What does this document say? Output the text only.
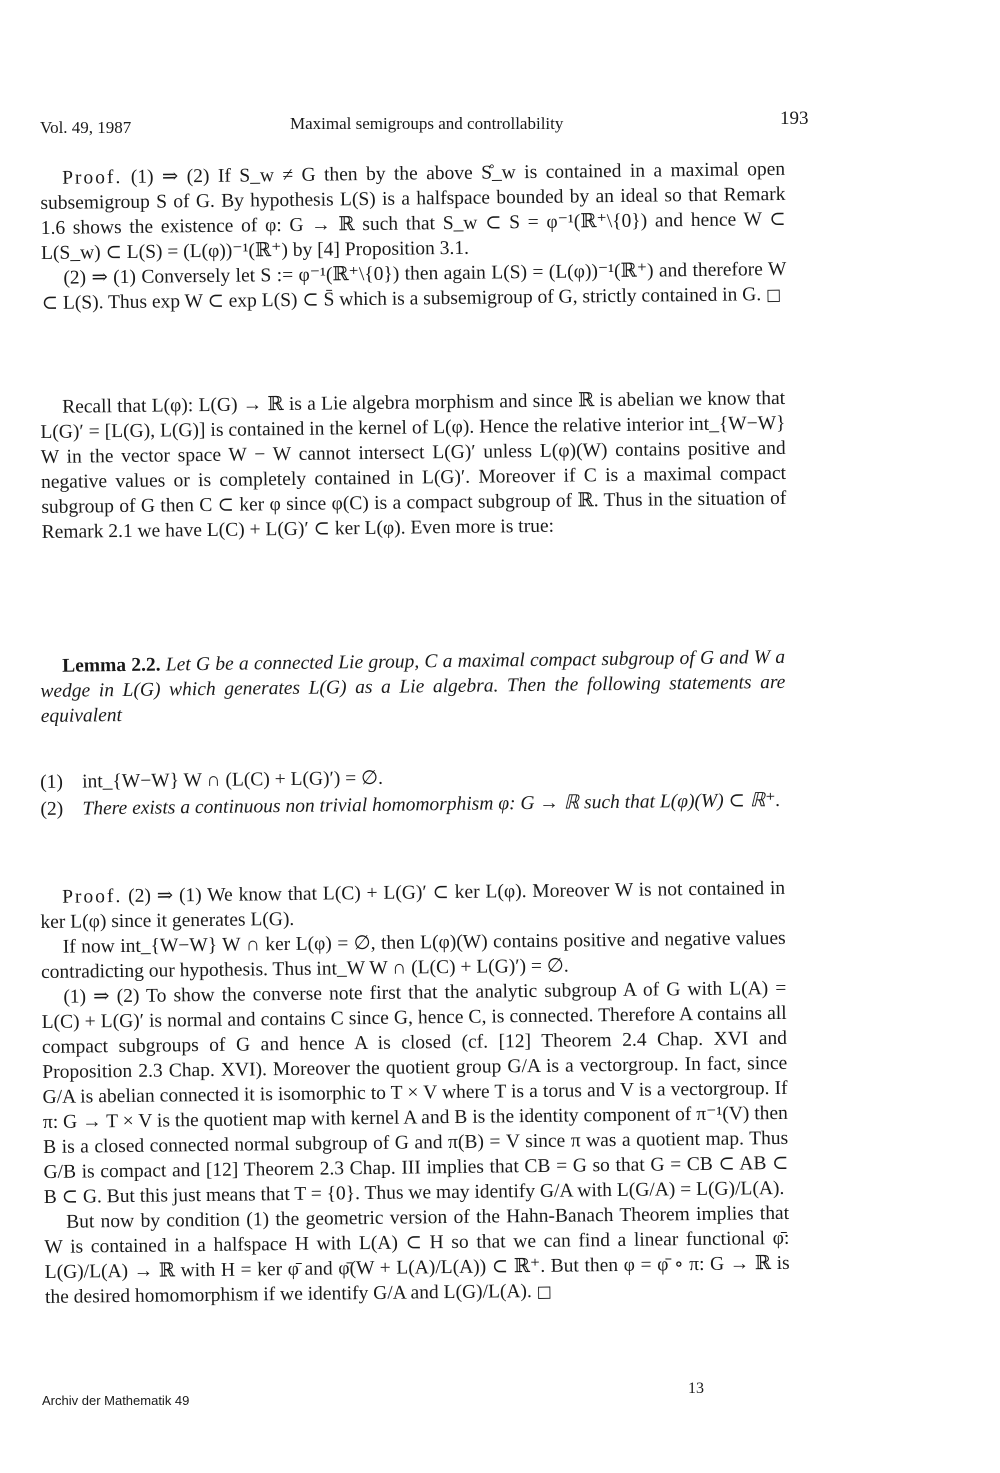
Vol. 49, 1987	Maximal semigroups and controllability	193

Proof. (1) ⇒ (2) If S_w ≠ G then by the above S̊_w is contained in a maximal open subsemigroup S of G. By hypothesis L(S) is a halfspace bounded by an ideal so that Remark 1.6 shows the existence of φ: G → ℝ such that S_w ⊂ S = φ⁻¹(ℝ⁺\{0}) and hence W ⊂ L(S_w) ⊂ L(S) = (L(φ))⁻¹(ℝ⁺) by [4] Proposition 3.1.

(2) ⇒ (1) Conversely let S := φ⁻¹(ℝ⁺\{0}) then again L(S) = (L(φ))⁻¹(ℝ⁺) and therefore W ⊂ L(S). Thus exp W ⊂ exp L(S) ⊂ S̄ which is a subsemigroup of G, strictly contained in G. □

Recall that L(φ): L(G) → ℝ is a Lie algebra morphism and since ℝ is abelian we know that L(G)′ = [L(G), L(G)] is contained in the kernel of L(φ). Hence the relative interior int_{W−W} W in the vector space W − W cannot intersect L(G)′ unless L(φ)(W) contains positive and negative values or is completely contained in L(G)′. Moreover if C is a maximal compact subgroup of G then C ⊂ ker φ since φ(C) is a compact subgroup of ℝ. Thus in the situation of Remark 2.1 we have L(C) + L(G)′ ⊂ ker L(φ). Even more is true:

Lemma 2.2. Let G be a connected Lie group, C a maximal compact subgroup of G and W a wedge in L(G) which generates L(G) as a Lie algebra. Then the following statements are equivalent

(1) int_{W−W} W ∩ (L(C) + L(G)′) = ∅.
(2) There exists a continuous non trivial homomorphism φ: G → ℝ such that L(φ)(W) ⊂ ℝ⁺.

Proof. (2) ⇒ (1) We know that L(C) + L(G)′ ⊂ ker L(φ). Moreover W is not contained in ker L(φ) since it generates L(G).

If now int_{W−W} W ∩ ker L(φ) = ∅, then L(φ)(W) contains positive and negative values contradicting our hypothesis. Thus int_W W ∩ (L(C) + L(G)′) = ∅.

(1) ⇒ (2) To show the converse note first that the analytic subgroup A of G with L(A) = L(C) + L(G)′ is normal and contains C since G, hence C, is connected. Therefore A contains all compact subgroups of G and hence A is closed (cf. [12] Theorem 2.4 Chap. XVI and Proposition 2.3 Chap. XVI). Moreover the quotient group G/A is a vectorgroup. In fact, since G/A is abelian connected it is isomorphic to T × V where T is a torus and V is a vectorgroup. If π: G → T × V is the quotient map with kernel A and B is the identity component of π⁻¹(V) then B is a closed connected normal subgroup of G and π(B) = V since π was a quotient map. Thus G/B is compact and [12] Theorem 2.3 Chap. III implies that CB = G so that G = CB ⊂ AB ⊂ B ⊂ G. But this just means that T = {0}. Thus we may identify G/A with L(G/A) = L(G)/L(A).

But now by condition (1) the geometric version of the Hahn-Banach Theorem implies that W is contained in a halfspace H with L(A) ⊂ H so that we can find a linear functional φ̄: L(G)/L(A) → ℝ with H = ker φ̄ and φ̄(W + L(A)/L(A)) ⊂ ℝ⁺. But then φ = φ̄ ∘ π: G → ℝ is the desired homomorphism if we identify G/A and L(G)/L(A). □

Archiv der Mathematik 49
13
